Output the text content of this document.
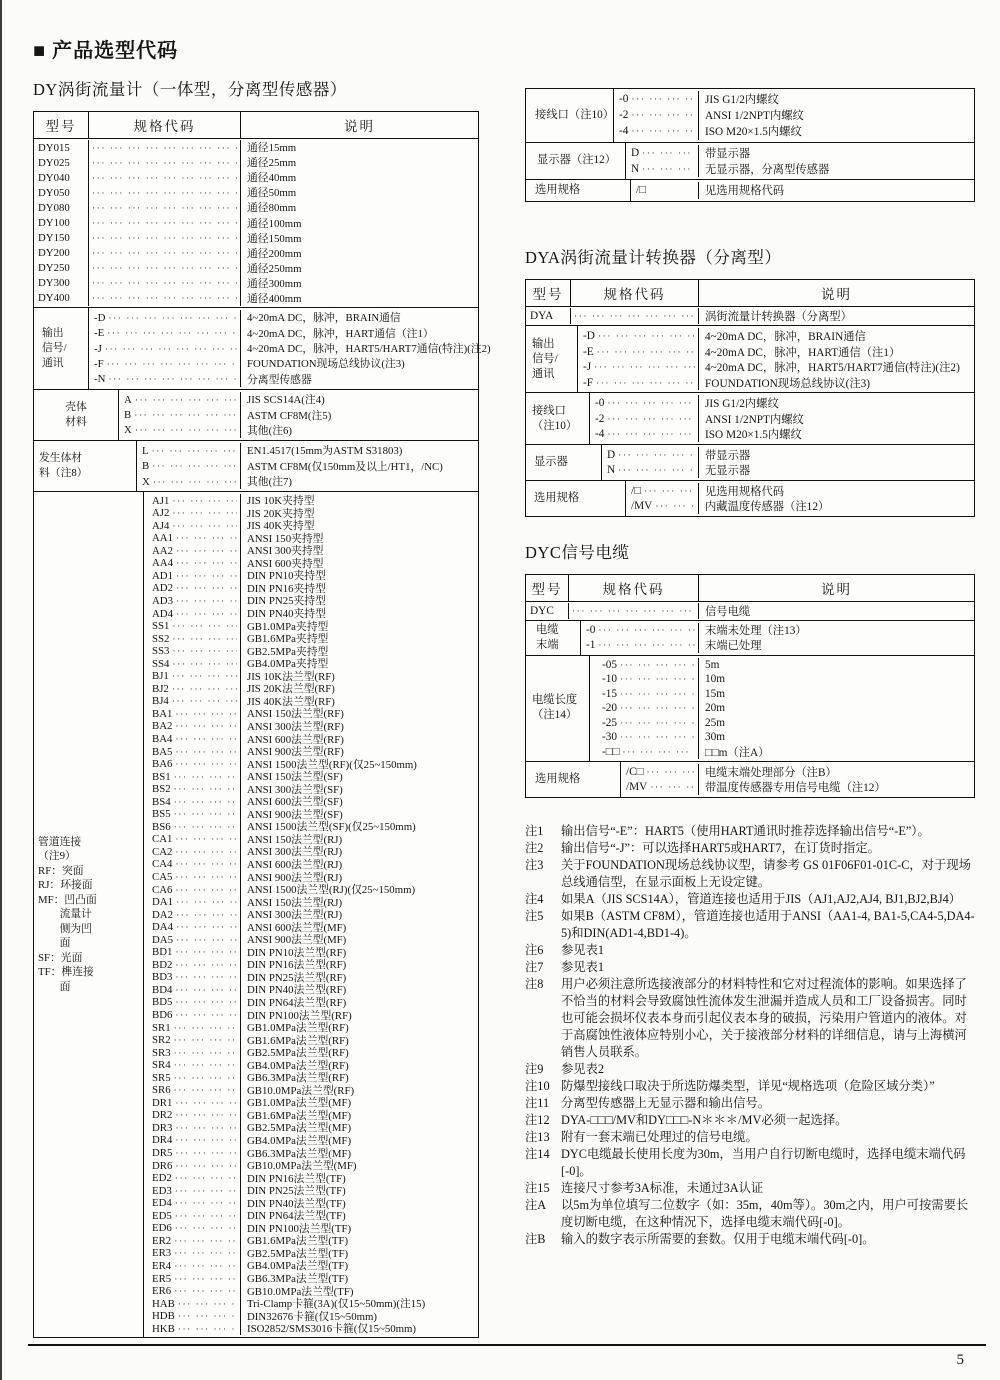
■ 产品选型代码
DY涡街流量计（一体型，分离型传感器）
型号	规格代码	说明
DY015 ··· ·	通径15mm
DY025 ··· ·	通径25mm
DY040 ··· ·	通径40mm
DY050 ··· ·	通径50mm
DY080 ··· ·	通径80mm
DY100 ··· ·	通径100mm
DY150 ··· ·	通径150mm
DY200 ··· ·	通径200mm
DY250 ··· ·	通径250mm
DY300 ··· ·	通径300mm
DY400 ··· ·	通径400mm
输出
信号/
通讯
-D ··· ·	4~20mA DC，脉冲，BRAIN通信
-E ··· ·	4~20mA DC，脉冲，HART通信（注1）
-J ··· ·	4~20mA DC，脉冲，HART5/HART7通信(特注)(注2)
-F ··· ·	FOUNDATION现场总线协议(注3)
-N ··· ·	分离型传感器
壳体
材料
A ··· ·	JIS SCS14A(注4)
B ··· ·	ASTM CF8M(注5)
X ··· ·	其他(注6)
发生体材
料（注8）
L ··· ·	EN1.4517(15mm为ASTM S31803)
B ··· ·	ASTM CF8M(仅150mm及以上/HT1，/NC)
X ··· ·	其他(注7)
管道连接
（注9）
RF：突面
RJ：环接面
MF：凹凸面
　　流量计
　　侧为凹
　　面
SF：光面
TF：榫连接
　　面
AJ1 ··· ·	JIS 10K夹持型
AJ2 ··· ·	JIS 20K夹持型
AJ4 ··· ·	JIS 40K夹持型
AA1 ··· ·	ANSI 150夹持型
AA2 ··· ·	ANSI 300夹持型
AA4 ··· ·	ANSI 600夹持型
AD1 ··· ·	DIN PN10夹持型
AD2 ··· ·	DIN PN16夹持型
AD3 ··· ·	DIN PN25夹持型
AD4 ··· ·	DIN PN40夹持型
SS1 ··· ·	GB1.0MPa夹持型
SS2 ··· ·	GB1.6MPa夹持型
SS3 ··· ·	GB2.5MPa夹持型
SS4 ··· ·	GB4.0MPa夹持型
BJ1 ··· ·	JIS 10K法兰型(RF)
BJ2 ··· ·	JIS 20K法兰型(RF)
BJ4 ··· ·	JIS 40K法兰型(RF)
BA1 ··· ·	ANSI 150法兰型(RF)
BA2 ··· ·	ANSI 300法兰型(RF)
BA4 ··· ·	ANSI 600法兰型(RF)
BA5 ··· ·	ANSI 900法兰型(RF)
BA6 ··· ·	ANSI 1500法兰型(RF)(仅25~150mm)
BS1 ··· ·	ANSI 150法兰型(SF)
BS2 ··· ·	ANSI 300法兰型(SF)
BS4 ··· ·	ANSI 600法兰型(SF)
BS5 ··· ·	ANSI 900法兰型(SF)
BS6 ··· ·	ANSI 1500法兰型(SF)(仅25~150mm)
CA1 ··· ·	ANSI 150法兰型(RJ)
CA2 ··· ·	ANSI 300法兰型(RJ)
CA4 ··· ·	ANSI 600法兰型(RJ)
CA5 ··· ·	ANSI 900法兰型(RJ)
CA6 ··· ·	ANSI 1500法兰型(RJ)(仅25~150mm)
DA1 ··· ·	ANSI 150法兰型(RJ)
DA2 ··· ·	ANSI 300法兰型(RJ)
DA4 ··· ·	ANSI 600法兰型(MF)
DA5 ··· ·	ANSI 900法兰型(MF)
BD1 ··· ·	DIN PN10法兰型(RF)
BD2 ··· ·	DIN PN16法兰型(RF)
BD3 ··· ·	DIN PN25法兰型(RF)
BD4 ··· ·	DIN PN40法兰型(RF)
BD5 ··· ·	DIN PN64法兰型(RF)
BD6 ··· ·	DIN PN100法兰型(RF)
SR1 ··· ·	GB1.0MPa法兰型(RF)
SR2 ··· ·	GB1.6MPa法兰型(RF)
SR3 ··· ·	GB2.5MPa法兰型(RF)
SR4 ··· ·	GB4.0MPa法兰型(RF)
SR5 ··· ·	GB6.3MPa法兰型(RF)
SR6 ··· ·	GB10.0MPa法兰型(RF)
DR1 ··· ·	GB1.0MPa法兰型(MF)
DR2 ··· ·	GB1.6MPa法兰型(MF)
DR3 ··· ·	GB2.5MPa法兰型(MF)
DR4 ··· ·	GB4.0MPa法兰型(MF)
DR5 ··· ·	GB6.3MPa法兰型(MF)
DR6 ··· ·	GB10.0MPa法兰型(MF)
ED2 ··· ·	DIN PN16法兰型(TF)
ED3 ··· ·	DIN PN25法兰型(TF)
ED4 ··· ·	DIN PN40法兰型(TF)
ED5 ··· ·	DIN PN64法兰型(TF)
ED6 ··· ·	DIN PN100法兰型(TF)
ER2 ··· ·	GB1.6MPa法兰型(TF)
ER3 ··· ·	GB2.5MPa法兰型(TF)
ER4 ··· ·	GB4.0MPa法兰型(TF)
ER5 ··· ·	GB6.3MPa法兰型(TF)
ER6 ··· ·	GB10.0MPa法兰型(TF)
HAB ··· ·	Tri-Clamp卡箍(3A)(仅15~50mm)(注15)
HDB ··· ·	DIN32676卡箍(仅15~50mm)
HKB ··· ·	ISO2852/SMS3016卡箍(仅15~50mm)
接线口（注10）
-0 ··· ·	JIS G1/2内螺纹
-2 ··· ·	ANSI 1/2NPT内螺纹
-4 ··· ·	ISO M20×1.5内螺纹
显示器（注12）
D ··· ·	带显示器
N ··· ·	无显示器，分离型传感器
选用规格	/□	见选用规格代码
DYA涡街流量计转换器（分离型）
型号	规格代码	说明
DYA ··· ·	涡街流量计转换器（分离型）
输出
信号/
通讯
-D ··· ·	4~20mA DC，脉冲，BRAIN通信
-E ··· ·	4~20mA DC，脉冲，HART通信（注1）
-J ··· ·	4~20mA DC，脉冲，HART5/HART7通信(特注)(注2)
-F ··· ·	FOUNDATION现场总线协议(注3)
接线口
（注10）
-0 ··· ·	JIS G1/2内螺纹
-2 ··· ·	ANSI 1/2NPT内螺纹
-4 ··· ·	ISO M20×1.5内螺纹
显示器
D ··· ·	带显示器
N ··· ·	无显示器
选用规格
/□ ··· ·	见选用规格代码
/MV ··· ·	内藏温度传感器（注12）
DYC信号电缆
型号	规格代码	说明
DYC ··· ·	信号电缆
电缆
末端
-0 ··· ·	末端未处理（注13）
-1 ··· ·	末端已处理
电缆长度
（注14）
-05 ··· ·	5m
-10 ··· ·	10m
-15 ··· ·	15m
-20 ··· ·	20m
-25 ··· ·	25m
-30 ··· ·	30m
-□□ ··· ·	□□m（注A）
选用规格
/C□ ··· ·	电缆末端处理部分（注B）
/MV ··· ·	带温度传感器专用信号电缆（注12）
注1	输出信号“-E”：HART5（使用HART通讯时推荐选择输出信号“-E”）。
注2	输出信号“-J”：可以选择HART5或HART7，在订货时指定。
注3	关于FOUNDATION现场总线协议型，请参考 GS 01F06F01-01C-C，对于现场总线通信型，在显示面板上无设定键。
注4	如果A（JIS SCS14A），管道连接也适用于JIS（AJ1,AJ2,AJ4, BJ1,BJ2,BJ4）
注5	如果B（ASTM CF8M），管道连接也适用于ANSI（AA1-4, BA1-5,CA4-5,DA4-5)和DIN(AD1-4,BD1-4)。
注6	参见表1
注7	参见表1
注8	用户必须注意所选接液部分的材料特性和它对过程流体的影响。如果选择了不恰当的材料会导致腐蚀性流体发生泄漏并造成人员和工厂设备损害。同时也可能会损坏仪表本身而引起仪表本身的破损，污染用户管道内的液体。对于高腐蚀性液体应特别小心，关于接液部分材料的详细信息，请与上海横河销售人员联系。
注9	参见表2
注10 防爆型接线口取决于所选防爆类型，详见“规格选项（危险区域分类）”
注11 分离型传感器上无显示器和输出信号。
注12 DYA-□□□/MV和DY□□□-N＊＊＊/MV必须一起选择。
注13 附有一套末端已处理过的信号电缆。
注14 DYC电缆最长使用长度为30m，当用户自行切断电缆时，选择电缆末端代码[-0]。
注15 连接尺寸参考3A标准，未通过3A认证
注A	以5m为单位填写二位数字（如：35m，40m等）。30m之内，用户可按需要长度切断电缆，在这种情况下，选择电缆末端代码[-0]。
注B	输入的数字表示所需要的套数。仅用于电缆末端代码[-0]。
5
